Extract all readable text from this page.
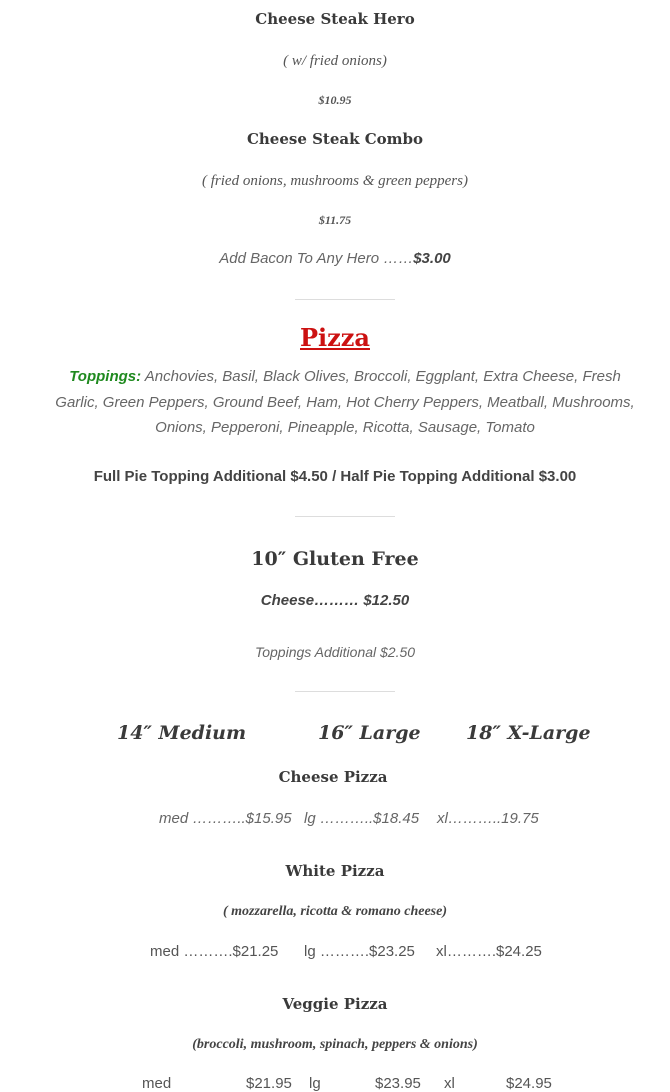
Cheese Steak Hero
( w/ fried onions)
$10.95
Cheese Steak Combo
( fried onions, mushrooms & green peppers)
$11.75
Add Bacon To Any Hero ……$3.00
Pizza
Toppings: Anchovies, Basil, Black Olives, Broccoli, Eggplant, Extra Cheese, Fresh Garlic, Green Peppers, Ground Beef, Ham, Hot Cherry Peppers, Meatball, Mushrooms, Onions, Pepperoni, Pineapple, Ricotta, Sausage, Tomato
Full Pie Topping Additional $4.50 / Half Pie Topping Additional $3.00
10″ Gluten Free
Cheese……… $12.50
Toppings Additional $2.50
14″ Medium	16″ Large 18″ X-Large
Cheese Pizza
med ………..$15.95 lg ………..$18.45 xl………..19.75
White Pizza
( mozzarella, ricotta & romano cheese)
med ……….$21.25 lg ……….$23.25 xl……….$24.25
Veggie Pizza
(broccoli, mushroom, spinach, peppers & onions)
med	$21.95 lg	$23.95 xl	$24.95
